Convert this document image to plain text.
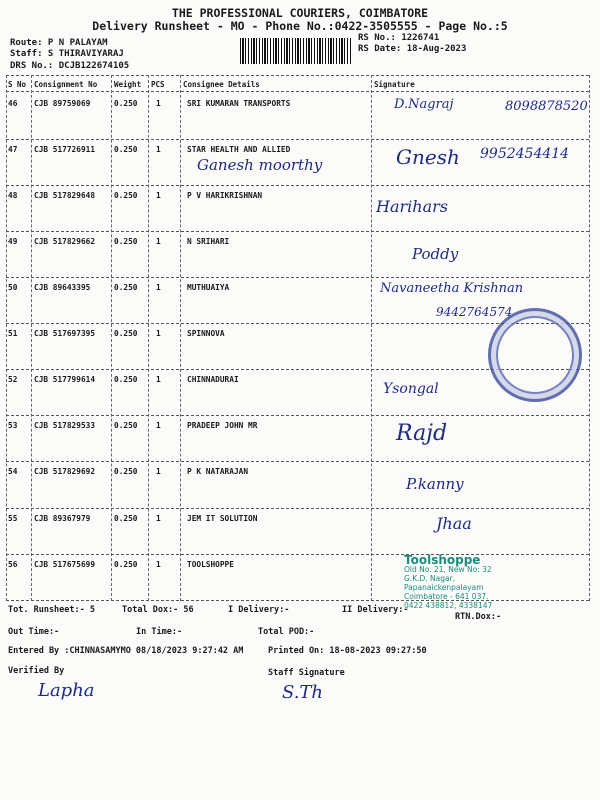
THE PROFESSIONAL COURIERS, COIMBATORE
Delivery Runsheet - MO - Phone No.:0422-3505555 - Page No.:5
Route: P N PALAYAM
Staff: S THIRAVIYARAJ
DRS No.: DCJB122674105
RS No.: 1226741
RS Date: 18-Aug-2023
S No Consignment No Weight PCS Consignee Details	Signature
46 CJB 89759069	0.250 1	SRI KUMARAN TRANSPORTS	D.Nagraj	8098878520
47 CJB 517726911 0.250 1	STAR HEALTH AND ALLIED
Ganesh moorthy	Gnesh 9952454414
48 CJB 517829648 0.250 1	P V HARIKRISHNAN
Harihars
49 CJB 517829662 0.250 1	N SRIHARI
Poddy
50 CJB 89643395	0.250 1	MUTHUAIYA	Navaneetha Krishnan
9442764574
51 CJB 517697395 0.250 1	SPINNOVA
52 CJB 517799614 0.250 1	CHINNADURAI
Ysongal
53 CJB 517829533 0.250 1	PRADEEP JOHN MR	Rajd
54 CJB 517829692 0.250 1	P K NATARAJAN
P.kanny
55 CJB 89367979	0.250 1	JEM IT SOLUTION	Jhaa
56 CJB 517675699 0.250 1	TOOLSHOPPE	Toolshoppe
Old No. 21, New No: 32
G.K.D. Nagar, Papanaickenpalayam
Coimbatore - 641 037.
0422 438812, 4338147
Tot. Runsheet:- 5	Total Dox:- 56	I Delivery:-	II Delivery:-
RTN.Dox:-
Out Time:-	In Time:-	Total POD:-
Entered By :CHINNASAMYMO 08/18/2023 9:27:42 AM	Printed On: 18-08-2023 09:27:50
Verified By	Staff Signature
Lapha	S.Th
